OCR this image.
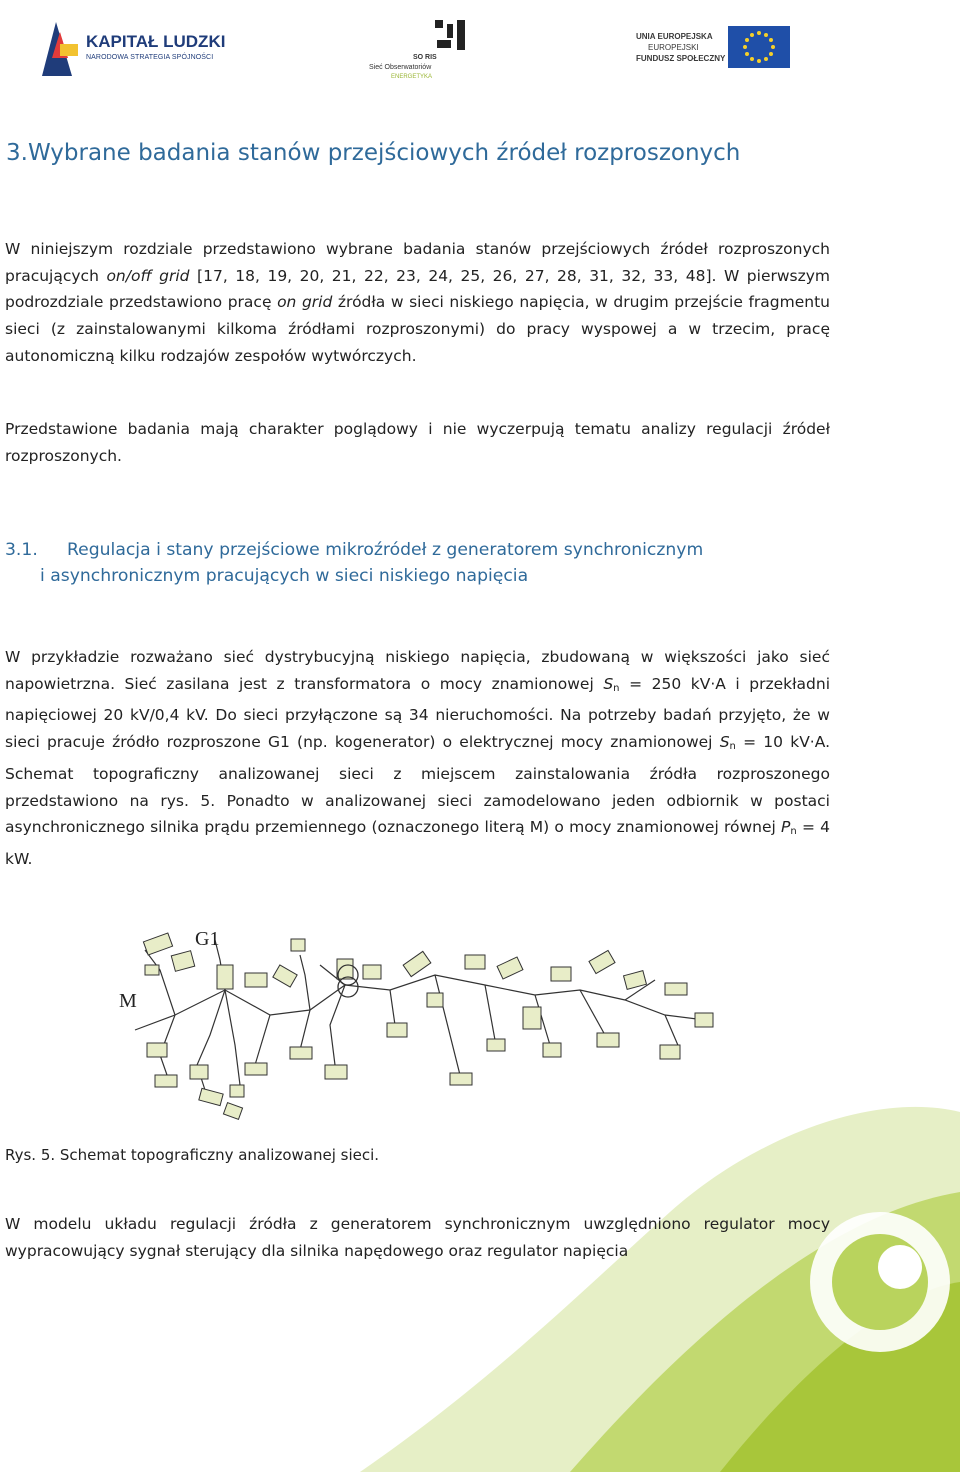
KAPITAŁ LUDZKI
NARODOWA STRATEGIA SPÓJNOŚCI	SO RIS
Sieć Obserwatoriów
ENERGETYKA
UNIA EUROPEJSKA
EUROPEJSKI
FUNDUSZ SPOŁECZNY
3.Wybrane badania stanów przejściowych źródeł rozproszonych

W niniejszym rozdziale przedstawiono wybrane badania stanów przejściowych źródeł rozproszonych pracujących on/off grid [17, 18, 19, 20, 21, 22, 23, 24, 25, 26, 27, 28, 31, 32, 33, 48]. W pierwszym podrozdziale przedstawiono pracę on grid źródła w sieci niskiego napięcia, w drugim przejście fragmentu sieci (z zainstalowanymi kilkoma źródłami rozproszonymi) do pracy wyspowej a w trzecim, pracę autonomiczną kilku rodzajów zespołów wytwórczych.

Przedstawione badania mają charakter poglądowy i nie wyczerpują tematu analizy regulacji źródeł rozproszonych.

3.1. Regulacja i stany przejściowe mikroźródeł z generatorem synchronicznym
i asynchronicznym pracujących w sieci niskiego napięcia

W przykładzie rozważano sieć dystrybucyjną niskiego napięcia, zbudowaną w większości jako sieć napowietrzna. Sieć zasilana jest z transformatora o mocy znamionowej $S_n = 250$ kV·A i przekładni napięciowej 20 kV/0,4 kV. Do sieci przyłączone są 34 nieruchomości. Na potrzeby badań przyjęto, że w sieci pracuje źródło rozproszone G1 (np. kogenerator) o elektrycznej mocy znamionowej $S_n = 10$ kV·A. Schemat topograficzny analizowanej sieci z miejscem zainstalowania źródła rozproszonego przedstawiono na rys. 5. Ponadto w analizowanej sieci zamodelowano jeden odbiornik w postaci asynchronicznego silnika prądu przemiennego (oznaczonego literą M) o mocy znamionowej równej $P_n = 4$ kW.

G1
M

Rys. 5. Schemat topograficzny analizowanej sieci.

W modelu układu regulacji źródła z generatorem synchronicznym uwzględniono regulator mocy wypracowujący sygnał sterujący dla silnika napędowego oraz regulator napięcia
